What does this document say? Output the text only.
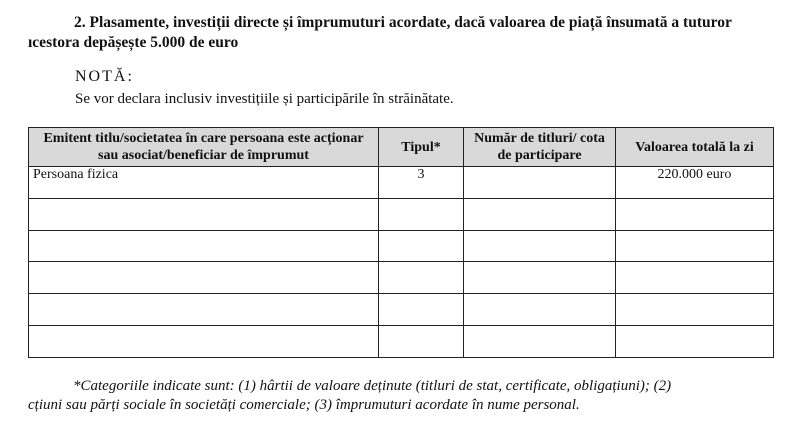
2. Plasamente, investiții directe și împrumuturi acordate, dacă valoarea de piață însumată a tuturor

ıcestora depășește 5.000 de euro

NOTĂ:
Se vor declara inclusiv investițiile și participările în străinătate.
Emitent titlu/societatea în care persoana este acționar sau asociat/beneficiar de împrumut	Tipul*	Număr de titluri/ cota de participare	Valoarea totală la zi
Persoana fizica	3		220.000 euro

*Categoriile indicate sunt: (1) hârtii de valoare deținute (titluri de stat, certificate, obligațiuni); (2)
cțiuni sau părți sociale în societăți comerciale; (3) împrumuturi acordate în nume personal.
